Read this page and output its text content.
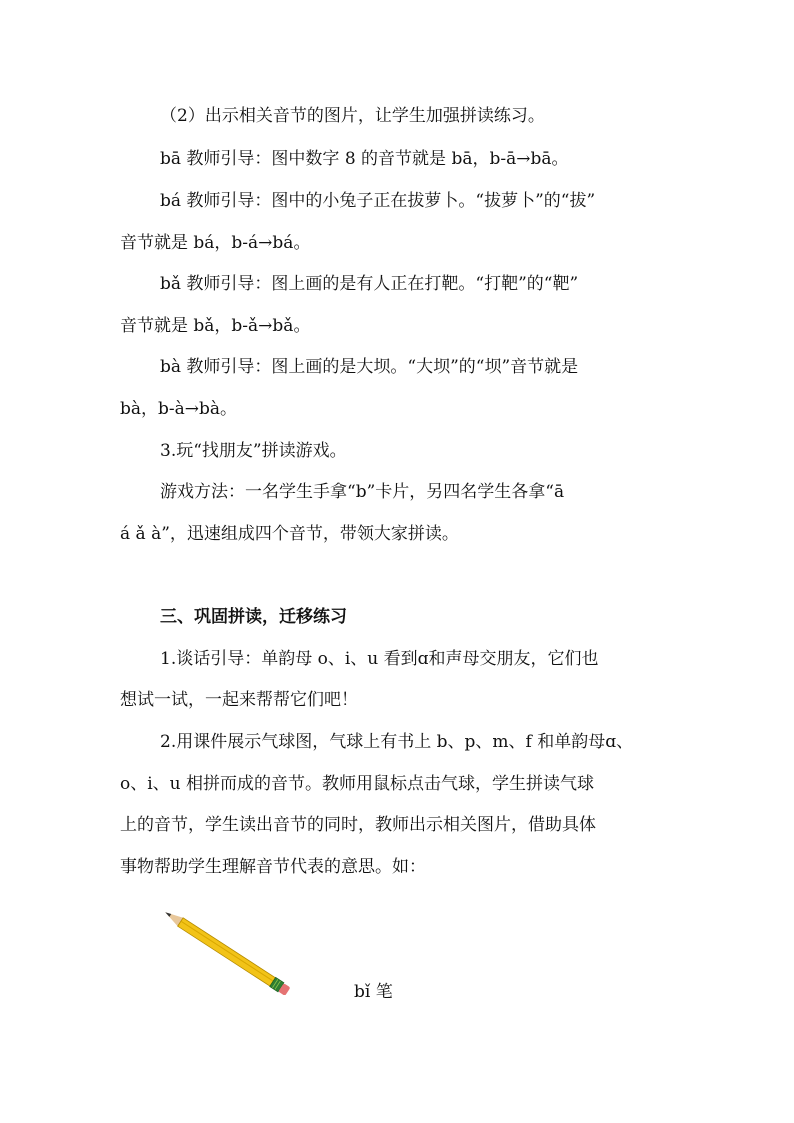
（2）出示相关音节的图片，让学生加强拼读练习。
bā 教师引导：图中数字 8 的音节就是 bā，b-ā→bā。
bá 教师引导：图中的小兔子正在拔萝卜。“拔萝卜”的“拔”
音节就是 bá，b-á→bá。
bǎ 教师引导：图上画的是有人正在打靶。“打靶”的“靶”
音节就是 bǎ，b-ǎ→bǎ。
bà 教师引导：图上画的是大坝。“大坝”的“坝”音节就是
bà，b-à→bà。
3.玩“找朋友”拼读游戏。
游戏方法：一名学生手拿“b”卡片，另四名学生各拿“ā
á ǎ à”，迅速组成四个音节，带领大家拼读。
三、巩固拼读，迁移练习
1.谈话引导：单韵母 o、i、u 看到ɑ和声母交朋友，它们也
想试一试，一起来帮帮它们吧！
2.用课件展示气球图，气球上有书上 b、p、m、f 和单韵母ɑ、
o、i、u 相拼而成的音节。教师用鼠标点击气球，学生拼读气球
上的音节，学生读出音节的同时，教师出示相关图片，借助具体
事物帮助学生理解音节代表的意思。如：
bǐ 笔
